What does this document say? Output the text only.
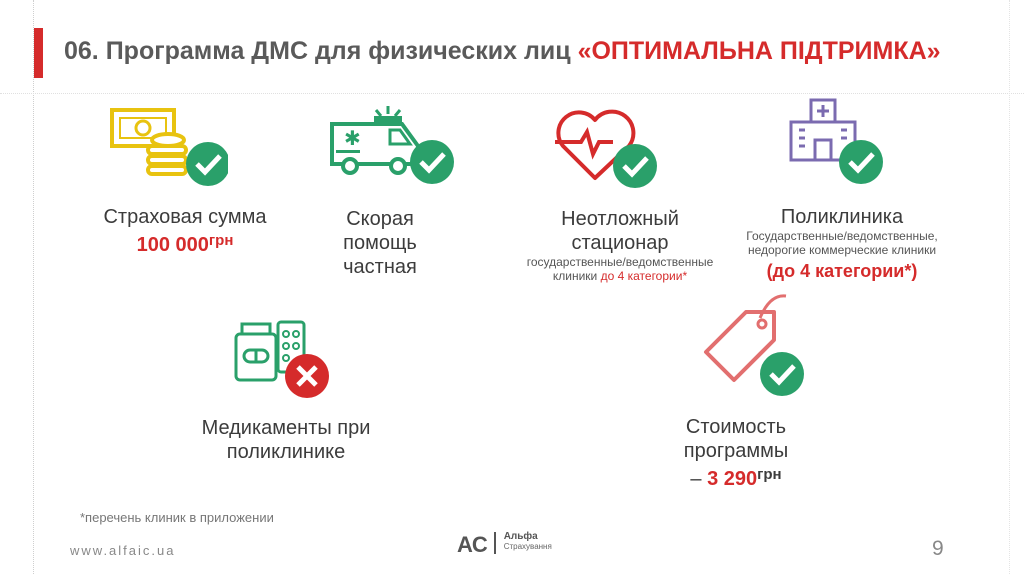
06. Программа ДМС для физических лиц «ОПТИМАЛЬНА ПІДТРИМКА»
✱
Страховая сумма
100 $000^{грн}$
Скорая
помощь
частная
Неотложный
стационар
государственные/ведомственные
клиники до 4 категории*
Поликлиника
Государственные/ведомственные,
недорогие коммерческие клиники
(до 4 категории*)
Медикаменты при
поликлинике
Стоимость
программы
– 3 $290^{грн}$
*перечень клиник в приложении
www.alfaic.ua	AC Альфа
Страхування	9
